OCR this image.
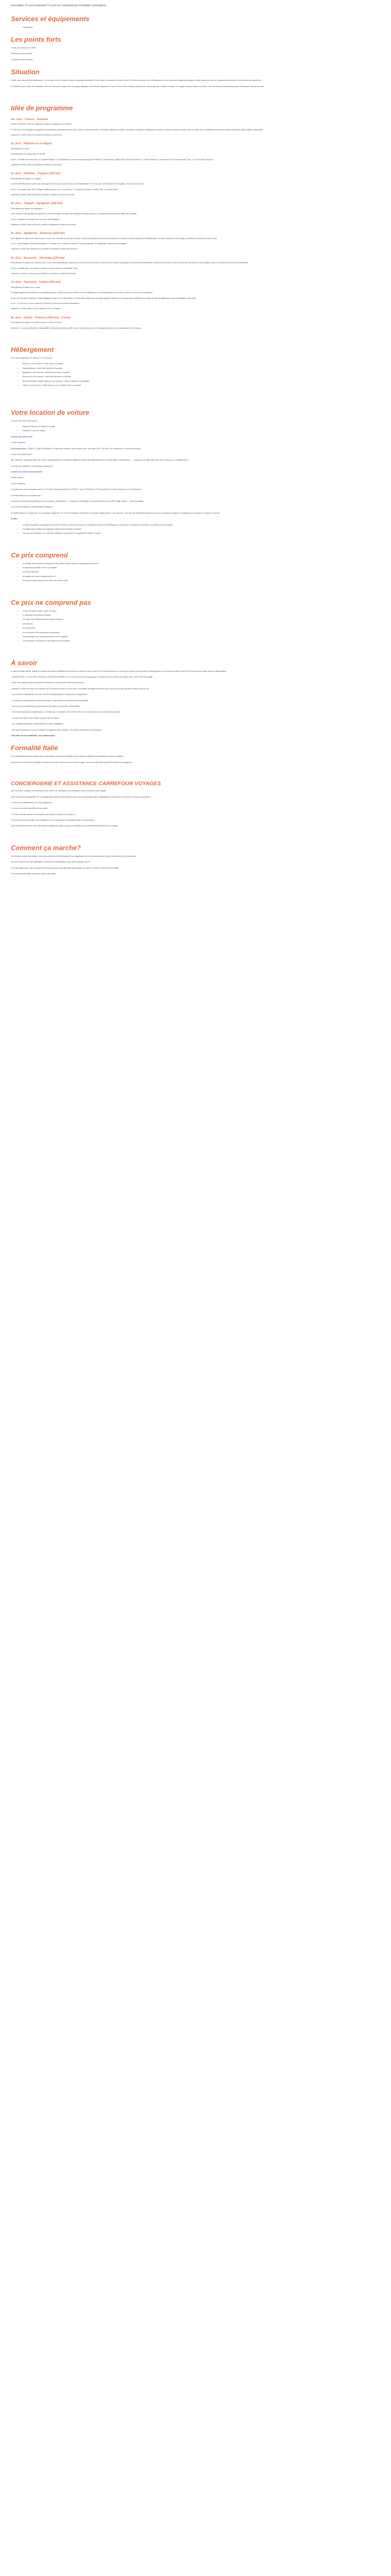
Description Ce prix comprend / Ce prix ne comprend pas Formalité Conciergerie
Services et équipements
• Conciergerie
Les points forts

7 nuits pour découvrir la Sicile

Itinéraire en boucle libérté

Location de voiture incluse

Situation

L'Italie, cœur vibrant de la Méditerranée, est un pays riche en histoire, culture et paysages diversifiés. De ses villes cosmopolites comme Rome et Florence, berceaux de la Renaissance, à ses charmants villages pittoresques, l'Italie fascine par son art, sa gastronomie réputée et son architecture grandiose.

À l'extrême sud, la Sicile, île ensoleillée, offre une immersion unique avec ses plages idylliques, ses volcans majestueux comme l'Etna, et son mélange captivant de cultures grecque, romaine et arabe. Un voyage à travers l'Italie et la Sicile, c'est une aventure enrichissante pleine d'émotions et de découvertes.

Idée de programme
1er Jour : France - Palerme

Arrivée à Palerme. Prise en charge de la voiture à l'aéroport vers Palerme.

Ce carrefour archéologique témoignant de nombreuses dominations subies par la ville au cours des siècles. Phéniciens, Byzantins, Arabes, Normands, Français et Espagnols ont laissé à la ville de nombreux trésors d'art. La visite est un véritable parcours dans l'histoire (marchés, palais, églises, cathédrale).

Logement à l'Hôtel Tonic (ou similaire) à Palerme ou alentours.

2e Jour : Palerme et sa région

Petit déjeuner à l'hôtel

Journée dédiée à la découverte de la ville.

À voir : Le Palais des Normands, la Chapelle Palatine, La Cathédrale (ou se trouve le sarcophage de Frédéric II), le Steripinto, l'Église Saint-Jean-des-Ermites, le Théâtre Massimo, Les marchés de la Vucciria et du Capo, Le Couvent des Capucins...

Logement à l'Hôtel Tonic (ou similaire) à Palerme ou alentours.

3e Jour : Palerme - Trapani (120 km)

Petit déjeuner et départ vers Trapani.

L'ancien DREPANON est située sur une langue de terre qui s'avance dans la mer Méditerranée. Face à la ville, se dressent les îles Égades. Son site vaut la visite.

À voir : Les marais salés, Erice (village médiéval perché sur le mont Erice), la Colonne de Trapani, la Vieille Ville, Le musée Pepoli.

Logement à l'Hôtel Villa Favorita (ou similaire) à Trapani ou dans ses environs.

4e Jour : Trapani - Agrigente (180 km)

Petit déjeuner et départ vers Agrigente.

Cette ancienne ville grecque est appelée la "ville des temples" en raison de l'étendue de temples grecs (7 au total) conservés dans la Vallée des Temples.

À voir : la Vallée des Temples avec son parc archéologique.

Logement à l'Hôtel Dioscuri Bay (ou similaire) à Agrigente ou dans ses environs.

5e Jour : Agrigente - Syracuse (220 km)

Petit déjeuner et départ vers Syracuse qui occupe une extrémité sud-est de la Sicile. La ville fut autrefois la cité la plus puissante de la Sicile, et la plus peuplée de la Méditerranée. La partie ancienne, l'île d'Ortigia, est reliée au continent par deux ponts.

À voir : L'île d'Ortigia, la Fontaine d'Aréthuse, le Théâtre Grec, l'Oreille de Denys, le Temple d'Apollon, la Cathédrale, le Musée archéologique.

Logement à l'Hôtel San Marciano (ou similaire) à Syracuse ou dans ses environs.

6e Jour : Syracuse - Taormine (120 km)

Petit déjeuner et départ vers Taormine qui a connu une extraordinaire croissance au cours du siècle dernier en devenant une station touristique de renommée internationale. La ville est construite sur une terrasse du mont Tauro, et ses fontaines, places et petites rues sont un enchantement.

À voir : Le théâtre grec, le Palazzo Corvaja, le Corso Umberto, l'Isola Bella, l'Etna.

Logement à l'Hôtel Costazzurra (ou similaire) à Taormine ou dans ses environs.

7e Jour : Taormine - Cefalù (220 km)

Petit déjeuner et départ vers Cefalù.

À l'origine appelée Kephaloidion à son époque grecque, Cefalù est une jolie ville de 13 000 habitants sur la côte tyrrhénienne de la Sicile, à environ 70 km à l'est de Palerme.

Ancien port de pêche médiéval, Cefalù dégage un charme tout à fait unique. Connue entre autres pour sa longue plage de sable fin et son imposante cathédrale normande, la ville est également un lieu de villégiature très prisé.

À voir : Le Duomo, le Lavoir médiéval, le Rocher (La Rocca), le Musée Mandralisca.

Logement à l'Hôtel Santa Lucia Le Sabbie D'Oro ou similaire.

8e Jour : Cefalù - Palerme (140 km) - France

Petit déjeuner et départ vers Palerme pour le retour en France.

*Attention : en cas de difficultés de disponibilité, l'itinéraire peut être modifié. Nous vous ferons part de ces changements lors de la confirmation de votre séjour.

Hébergement

Vous serez logés dans les hôtels 3* et 4* suivants* :

• Palerme ou ses environs : Hôtel Tonic ou similaire
• Trapani/Marsala : Hôtel Villa Favorita ou similaire
• Agrigente ou ses environs : Hôtel Dioscuri Bay ou similaire
• Syracuse ou ses environs : Hôtel San Marciano ou similaire
• Taormine/Giardini Naxos/Catania ou ses environs : Hôtel Costazzurra ou similaire
• Cefalù ou ses environs : Hôtel Santa Lucia Le Sabbie D'Oro ou similaire
Votre location de voiture

Lors de votre séjour vous aurez :

• Catégorie A/B pour les Single et Double
• Catégorie C pour les Triples

Location de voiture Avis :

Le prix comprend :

Kilométrage illimité, CDW/TP - Super CDW/Super TP (franchise réduite), Taxe aéroport 18%, Taxe gare 14%, TVA 22%, 1er conducteur, 24 heures de location.

Le prix ne comprend pas :

PAI, carburant, assurance panne de moteur, suppléments pour conducteur additionnel (PAI), frais administratifs (en cas d'accident, contraventions, ...), frais pour un siège bébé, frais GPS, frais pour un chauffeur jeune...

*Les frais non-stipulés ici sont payables localement.

Location de voiture HOLIDAYCARS :

Forfait Platinum :

Le prix comprend :

La location du véhicule (adultes entre 21 et 75 ans), Kilométrage illimité, CDW/TP - Super CDW/Super TP (0 franchise), les taxes d'aéroport, le 1er conducteur.

Le forfait Platinum ne comprend pas :

Carburant, les frais administratifs (en cas d'accident), contraventions..., l'extension à l'étranger, les accessoires tels que le GPS, siège enfants..., frais d'annulation.

*Les frais non-stipulés ici sont payables localement.

Le forfait Platinum est valide pour les conducteurs âgés de 21 à 75 ans et titulaires d'un permis de conduire valide depuis 2 ans minimum. Une carte de crédit internationale au nom du conducteur principal est obligatoire pour la prise en charge du véhicule.

À noter :

• Le dépôt de garantie est bloqué sur la carte de crédit au moment de la prise en charge du véhicule et est débloqué au moment de la restitution du véhicule, en l'absence de dommages.
• Les sièges pour enfants sont payants et doivent être réservés à l'avance.
• Vous pouvez demander un conducteur additionnel moyennant un supplément à régler sur place.
Ce prix comprend
• Le vol aller-retour spécial au départ de Paris, direct ou avec escale à destination de Palerme
• Le logement en hôtels 3* et 4* ou similaire
• Les petits déjeuners
• La location de voiture catégorie A/B ou C
• Les taxes aéroport qui peuvent varier entre 30€ et 200€
Ce prix ne comprend pas
• La taxe de séjour locale à payer sur place
• Le carburant et les frais de péages
• Les repas non mentionnés dans le prix comprend
• Les boissons
• Les assurances
• Les excursions et les entrées aux monuments
• Toute prestation non mentionnée dans le prix comprend
• Les pourboires, les porteurs et les dépenses personnelles
À savoir

Le prix par forfait (adulte, enfant) est calculé de manière forfaitaire en fonction de la durée de votre séjour et ne correspond pas à un nombre de nuitées ou de journées d'hébergement. Les horaires de début et de fin de séjour peuvent varier selon les disponibilités.

- Départ de Paris : lors de votre réservation, les horaires définitifs de vos vols vous seront communiqués une dizaine de jours avant votre départ avec votre carnet de voyage.

- Nous vous rappelons que le transfert de l'aéroport à votre premier hôtel n'est pas inclus.

- Attention, la durée du séjour est calculée sur le nombre de nuits et non de jours. Les heures de départ et d'arrivée des vols peuvent avoir lieu tôt le matin ou tard le soir.

- Les chambres individuelles sont sous réserve de disponibilité et moyennant un supplément.

- Le forfait ne comprend pas les frais d'annulation : une assurance est vivement recommandée.

- Tous les prix sont présentés par personne et les photos ne sont pas contractuelles.

- Pour toute information complémentaire, n'hésitez pas à contacter notre service client. Les horaires des vols ne peuvent être garantis.

- Les taxes de séjour sont à régler sur place par les clients.

- Les conditions générales et particulières de vente s'appliquent.

- Une pièce d'identité en cours de validité est obligatoire pour voyager. Les mineurs doivent être accompagnés.

Cette offre est non modifiable - non remboursable

Formalité Italie

Les ressortissants français doivent être en possession d'une pièce d'identité (carte nationale d'identité ou passeport) en cours de validité.

Nous pouvez consulter les formalités de santé et de police nécessaires pour votre voyage : http://www.diplomatie.gouv.fr/fr/conseils-aux-voyageurs/

CONCIERGERIE ET ASSISTANCE CARREFOUR VOYAGES

Avec Carrefour Voyages vous bénéficiez d'un service de conciergerie et d'assistance avant et pendant votre voyage.

Votre concierge est disponible 24/7 via l'application mobile et par téléphone pour vous accompagner dans l'organisation de votre séjour et répondre à toutes vos questions.

> Pour tous renseignements sur votre programme

> Si vous rencontrez des difficultés sur place

> Si vous souhaitez ajouter une prestation (excursions, restaurants, activités...)

* Nous pouvons par exemple, vous conseiller sur les restaurants, les activités locales, les réservations.

Votre concierge sera alors votre interlocuteur privilégié sur place et pourra vous aider pour les différents problèmes liés au voyage.

Comment ça marche?

Une semaine avant votre départ, vous recevrez un lien de téléchargement de l'application ou ces informations par email en fonction de votre réservation.

Une fois connecté sur votre application, vous pourrez communiquer avec votre concierge 24h/24.

Une réservation avec votre concierge est nécessaire pour toute demande de prestation sur place, un délai de 24h est recommandé.

Une ouverture des lignes est prévue avant votre départ.
